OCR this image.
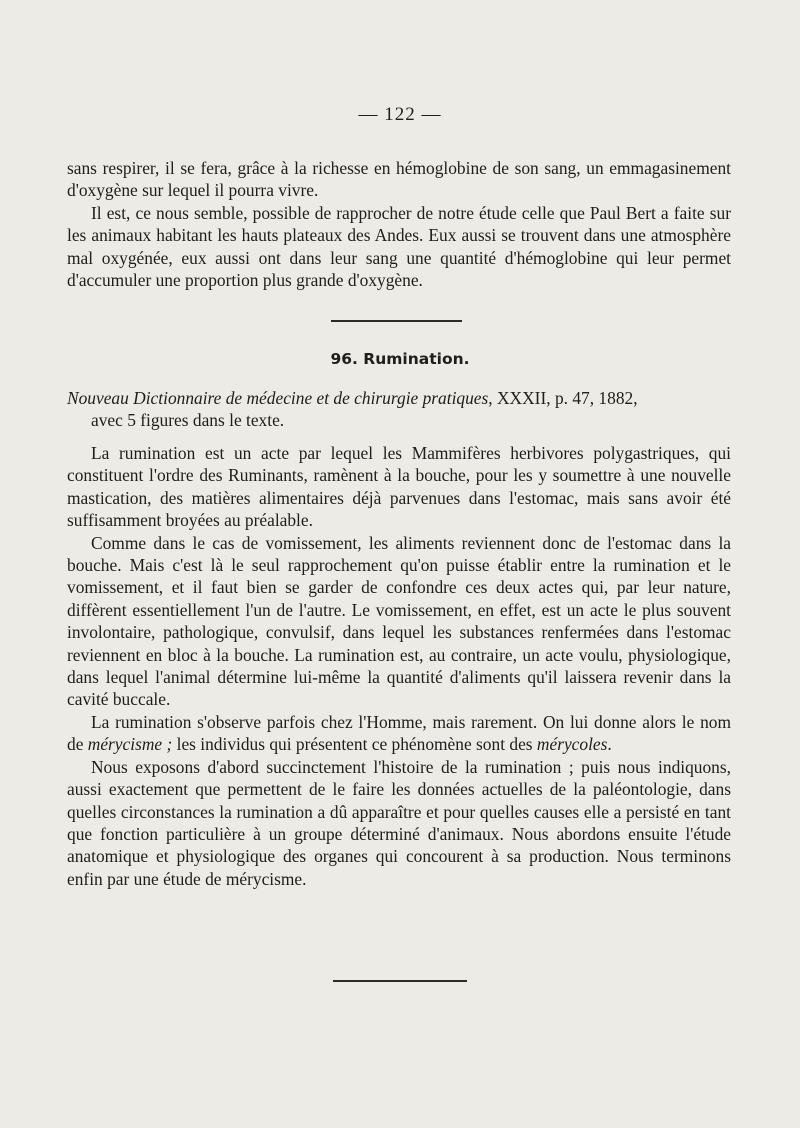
— 122 —

sans respirer, il se fera, grâce à la richesse en hémoglobine de son sang, un emmagasinement d'oxygène sur lequel il pourra vivre.

Il est, ce nous semble, possible de rapprocher de notre étude celle que Paul Bert a faite sur les animaux habitant les hauts plateaux des Andes. Eux aussi se trouvent dans une atmosphère mal oxygénée, eux aussi ont dans leur sang une quantité d'hémoglobine qui leur permet d'accumuler une proportion plus grande d'oxygène.

96. Rumination.
Nouveau Dictionnaire de médecine et de chirurgie pratiques, XXXII, p. 47, 1882,
avec 5 figures dans le texte.

La rumination est un acte par lequel les Mammifères herbivores polygastriques, qui constituent l'ordre des Ruminants, ramènent à la bouche, pour les y soumettre à une nouvelle mastication, des matières alimentaires déjà parvenues dans l'estomac, mais sans avoir été suffisamment broyées au préalable.

Comme dans le cas de vomissement, les aliments reviennent donc de l'estomac dans la bouche. Mais c'est là le seul rapprochement qu'on puisse établir entre la rumination et le vomissement, et il faut bien se garder de confondre ces deux actes qui, par leur nature, diffèrent essentiellement l'un de l'autre. Le vomissement, en effet, est un acte le plus souvent involontaire, pathologique, convulsif, dans lequel les substances renfermées dans l'estomac reviennent en bloc à la bouche. La rumination est, au contraire, un acte voulu, physiologique, dans lequel l'animal détermine lui-même la quantité d'aliments qu'il laissera revenir dans la cavité buccale.

La rumination s'observe parfois chez l'Homme, mais rarement. On lui donne alors le nom de mérycisme ; les individus qui présentent ce phénomène sont des mérycoles.

Nous exposons d'abord succinctement l'histoire de la rumination ; puis nous indiquons, aussi exactement que permettent de le faire les données actuelles de la paléontologie, dans quelles circonstances la rumination a dû apparaître et pour quelles causes elle a persisté en tant que fonction particulière à un groupe déterminé d'animaux. Nous abordons ensuite l'étude anatomique et physiologique des organes qui concourent à sa production. Nous terminons enfin par une étude de mérycisme.
